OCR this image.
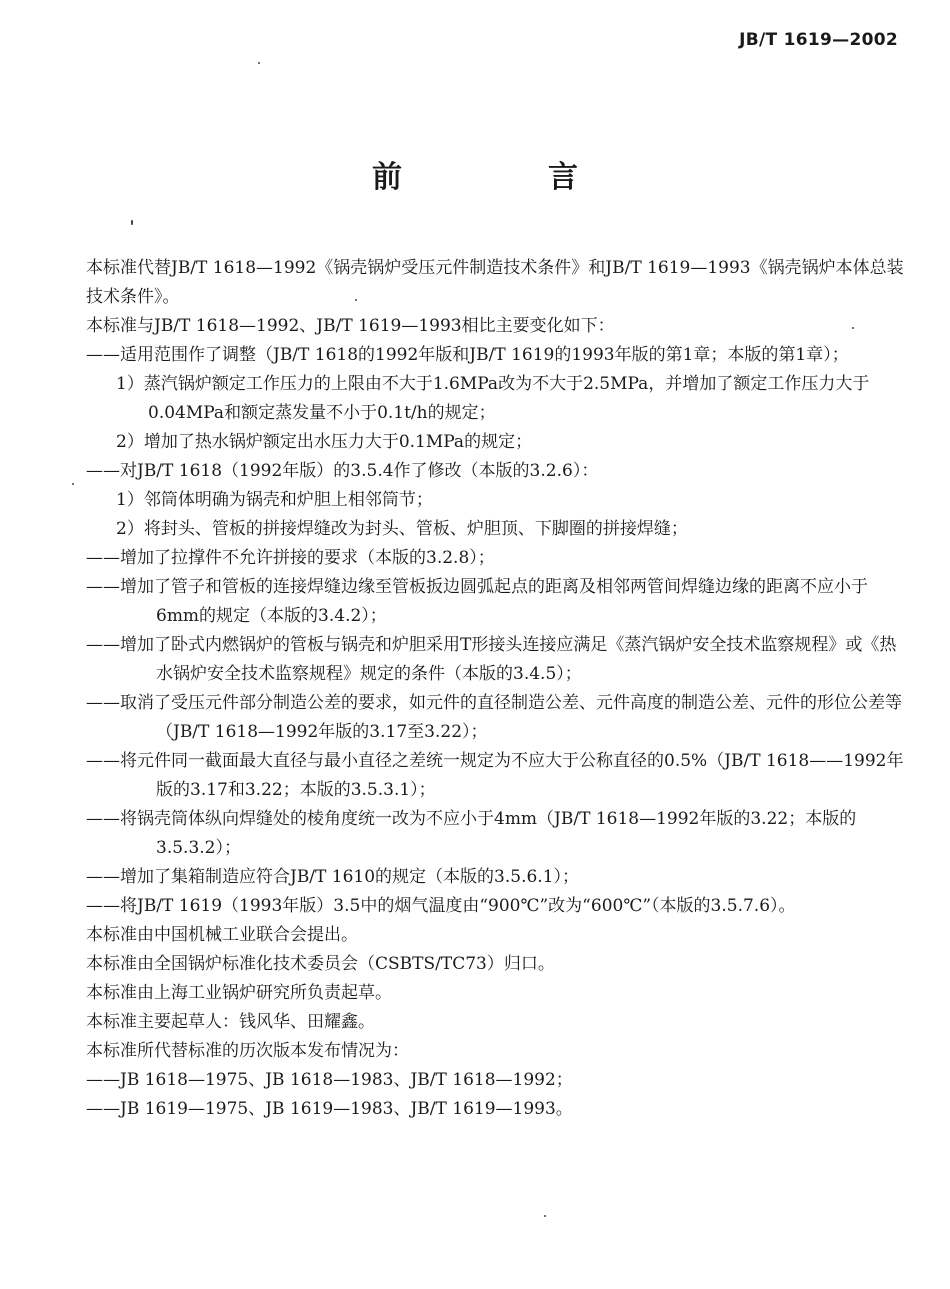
JB/T 1619—2002
前　言

本标准代替JB/T 1618—1992《锅壳锅炉受压元件制造技术条件》和JB/T 1619—1993《锅壳锅炉本体总装技术条件》。

本标准与JB/T 1618—1992、JB/T 1619—1993相比主要变化如下：

——适用范围作了调整（JB/T 1618的1992年版和JB/T 1619的1993年版的第1章；本版的第1章）；

1）蒸汽锅炉额定工作压力的上限由不大于1.6MPa改为不大于2.5MPa，并增加了额定工作压力大于0.04MPa和额定蒸发量不小于0.1t/h的规定；

2）增加了热水锅炉额定出水压力大于0.1MPa的规定；

——对JB/T 1618（1992年版）的3.5.4作了修改（本版的3.2.6）：

1）邻筒体明确为锅壳和炉胆上相邻筒节；

2）将封头、管板的拼接焊缝改为封头、管板、炉胆顶、下脚圈的拼接焊缝；

——增加了拉撑件不允许拼接的要求（本版的3.2.8）；

——增加了管子和管板的连接焊缝边缘至管板扳边圆弧起点的距离及相邻两管间焊缝边缘的距离不应小于6mm的规定（本版的3.4.2）；

——增加了卧式内燃锅炉的管板与锅壳和炉胆采用T形接头连接应满足《蒸汽锅炉安全技术监察规程》或《热水锅炉安全技术监察规程》规定的条件（本版的3.4.5）；

——取消了受压元件部分制造公差的要求，如元件的直径制造公差、元件高度的制造公差、元件的形位公差等（JB/T 1618—1992年版的3.17至3.22）；

——将元件同一截面最大直径与最小直径之差统一规定为不应大于公称直径的0.5%（JB/T 1618——1992年版的3.17和3.22；本版的3.5.3.1）；

——将锅壳筒体纵向焊缝处的棱角度统一改为不应小于4mm（JB/T 1618—1992年版的3.22；本版的3.5.3.2）；

——增加了集箱制造应符合JB/T 1610的规定（本版的3.5.6.1）；

——将JB/T 1619（1993年版）3.5中的烟气温度由“900℃”改为“600℃”（本版的3.5.7.6）。

本标准由中国机械工业联合会提出。

本标准由全国锅炉标准化技术委员会（CSBTS/TC73）归口。

本标准由上海工业锅炉研究所负责起草。

本标准主要起草人：钱风华、田耀鑫。

本标准所代替标准的历次版本发布情况为：

——JB 1618—1975、JB 1618—1983、JB/T 1618—1992；

——JB 1619—1975、JB 1619—1983、JB/T 1619—1993。
